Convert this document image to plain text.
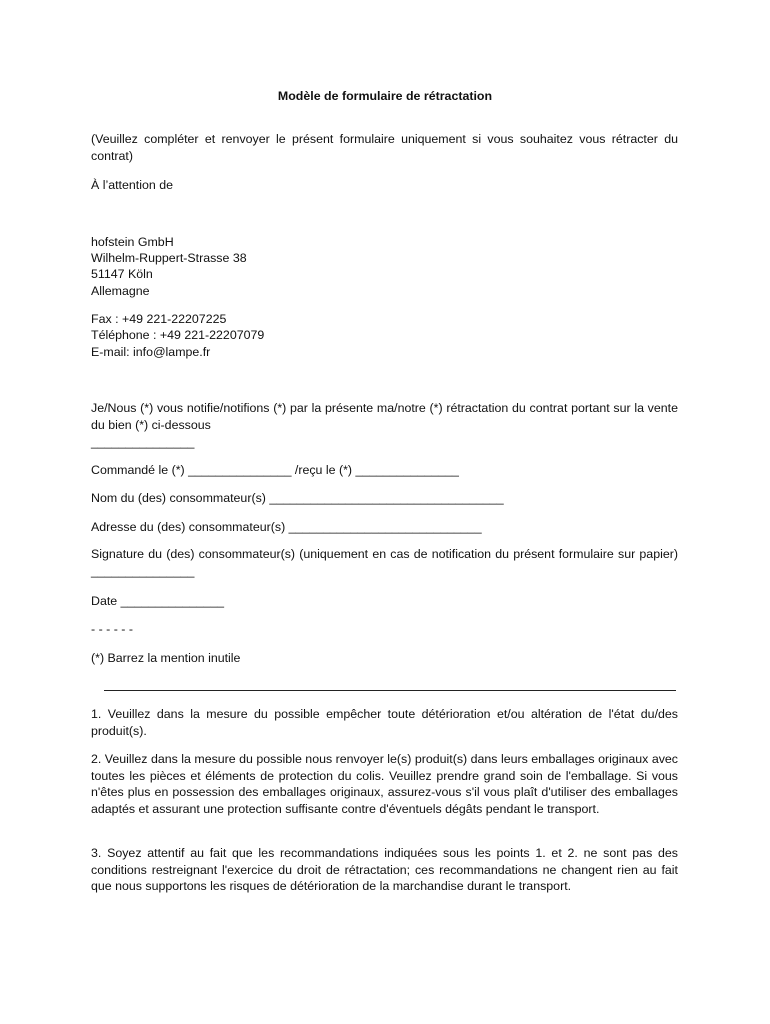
Modèle de formulaire de rétractation
(Veuillez compléter et renvoyer le présent formulaire uniquement si vous souhaitez vous rétracter du contrat)
À l’attention de
hofstein GmbH
Wilhelm-Ruppert-Strasse 38
51147 Köln
Allemagne
Fax : +49 221-22207225
Téléphone : +49 221-22207079
E-mail: info@lampe.fr
Je/Nous (*) vous notifie/notifions (*) par la présente ma/notre (*) rétractation du contrat portant sur la vente du bien (*) ci-dessous
_______________
Commandé le (*) _______________ /reçu le (*) _______________
Nom du (des) consommateur(s) __________________________________
Adresse du (des) consommateur(s) ____________________________
Signature du (des) consommateur(s) (uniquement en cas de notification du présent formulaire sur papier) _______________
Date _______________
- - - - - -
(*) Barrez la mention inutile
1. Veuillez dans la mesure du possible empêcher toute détérioration et/ou altération de l'état du/des produit(s).
2. Veuillez dans la mesure du possible nous renvoyer le(s) produit(s) dans leurs emballages originaux avec toutes les pièces et éléments de protection du colis. Veuillez prendre grand soin de l'emballage. Si vous n'êtes plus en possession des emballages originaux, assurez-vous s'il vous plaît d'utiliser des emballages adaptés et assurant une protection suffisante contre d'éventuels dégâts pendant le transport.
3. Soyez attentif au fait que les recommandations indiquées sous les points 1. et 2. ne sont pas des conditions restreignant l'exercice du droit de rétractation; ces recommandations ne changent rien au fait que nous supportons les risques de détérioration de la marchandise durant le transport.
